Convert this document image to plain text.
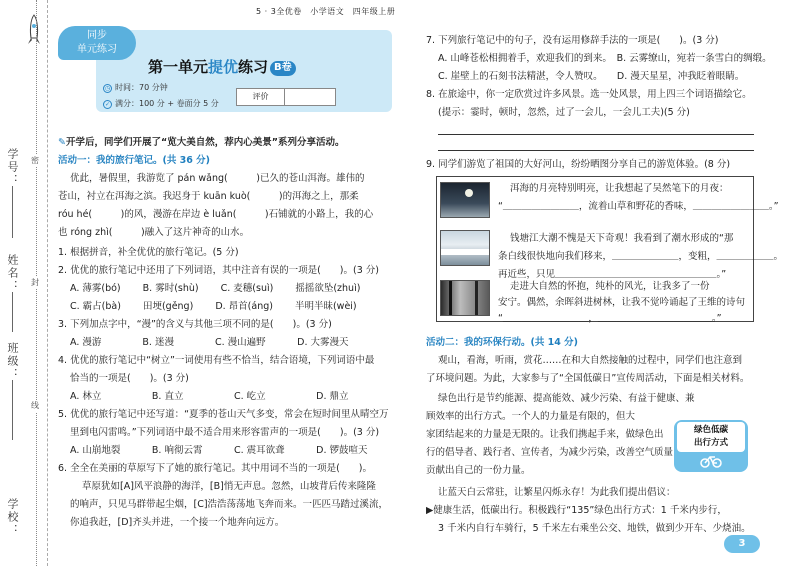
学号：
姓名：
班级：
学校：
密
封
线
同步
单元练习
5 · 3全优卷　小学语文　四年级上册
第一单元提优练习 B卷
◷ 时间：70 分钟
✓ 满分：100 分 + 卷面分 5 分
评价
✎开学后，同学们开展了“览大美自然，荐内心美景”系列分享活动。
活动一：我的旅行笔记。(共 36 分)
优此，暑假里，我游览了 pán wǎng(　　　)已久的苍山洱海。雄伟的
苍山，衬立在洱海之滨。我迟身于 kuān kuò(　　　)的洱海之上，那柔
róu hé(　　　)的风，漫游在岸边 è luǎn(　　　)石铺就的小路上，我的心
也 róng zhì(　　　)融入了这片神奇的山水。
1. 根据拼音，补全优优的旅行笔记。(5 分)
2. 优优的旅行笔记中还用了下列词语，其中注音有误的一项是(　　)。(3 分)
A. 薄雾(bó)　　 B. 雾时(shù)　　 C. 麦穗(suì)　　 摇摇欲坠(zhuì)
C. 霸占(bà)　　 田埂(gěng)　　 D. 昂首(áng)　　 半明半昧(wèi)
3. 下列加点字中，“漫”的含义与其他三项不同的是(　　)。(3 分)
A. 漫游　　　　 B. 迷漫　　　　 C. 漫山遍野　　　 D. 大雾漫天
4. 优优的旅行笔记中“树立”一词使用有些不恰当，结合语境，下列词语中最
恰当的一项是(　　)。(3 分)
A. 林立　　　　　 B. 直立　　　　　 C. 屹立　　　　　 D. 鼎立
5. 优优的旅行笔记中还写道：“夏季的苍山天气多变，常会在短时间里从晴空万
里到电闪雷鸣。”下列词语中最不适合用来形容雷声的一项是(　　)。(3 分)
A. 山崩地裂　　　 B. 响彻云霄　　　 C. 震耳欲聋　　　 D. 锣鼓喧天
6. 全全在美丽的草原写下了她的旅行笔记。其中用词不当的一项是(　　)。
草原犹如[A]风平浪静的海洋，[B]悄无声息。忽然，山坡背后传来隆隆
的响声，只见马群带起尘烟，[C]浩浩荡荡地飞奔而来。一匹匹马踏过溪流，
你追我赶，[D]齐头并进，一个接一个地奔向远方。
7. 下列旅行笔记中的句子，没有运用修辞手法的一项是(　　)。(3 分)
A. 山峰苍松相拥着手，欢迎我们的到来。　B. 云雾缭山，宛若一条雪白的绸缎。
C. 崖壁上的石刻书法精湛，令人赞叹。　　D. 漫天星星，冲我眨着眼睛。
8. 在旅途中，你一定欣赏过许多风景。选一处风景，用上四三个词语描绘它。
(提示：霎时，顿时，忽然，过了一会儿，一会儿工夫)(5 分)
9. 同学们游览了祖国的大好河山，纷纷晒图分享自己的游览体验。(8 分)
洱海的月亮特别明亮，让我想起了吴然笔下的月夜：
“＿＿＿＿＿＿＿＿，流着山草和野花的香味，＿＿＿＿＿＿＿＿。”
钱塘江大潮不愧是天下奇观！我看到了潮水形成的“那
条白线很快地向我们移来，＿＿＿＿＿＿＿，变粗，＿＿＿＿＿＿。
再近些，只见＿＿＿＿＿＿＿＿＿＿＿＿＿＿＿＿＿。”
走进大自然的怀抱，纯朴的风光，让我多了一份
安宁。偶然，余晖斜进树林，让我不觉吟诵起了王维的诗句
“＿＿＿＿＿＿＿＿＿，＿＿＿＿＿＿＿＿＿＿＿＿。”
活动二：我的环保行动。(共 14 分)
观山，看海，听雨，赏花……在和大自然接触的过程中，同学们也注意到
了环境问题。为此，大家参与了“全国低碳日”宣传周活动，下面是相关材料。
绿色出行是节约能源、提高能效、减少污染、有益于健康、兼
顾效率的出行方式。一个人的力量是有限的，但大
家团结起来的力量是无限的。让我们携起手来，做绿色出
行的倡导者、践行者、宣传者，为减少污染，改善空气质量
贡献出自己的一份力量。
绿色低碳
出行方式
让蓝天白云常驻，让繁星闪烁永存！为此我们提出倡议：
▶健康生活，低碳出行。积极践行“135”绿色出行方式：1 千米内步行，
3 千米内自行车骑行，5 千米左右乘坐公交、地铁，做到少开车、少烧油。
3
